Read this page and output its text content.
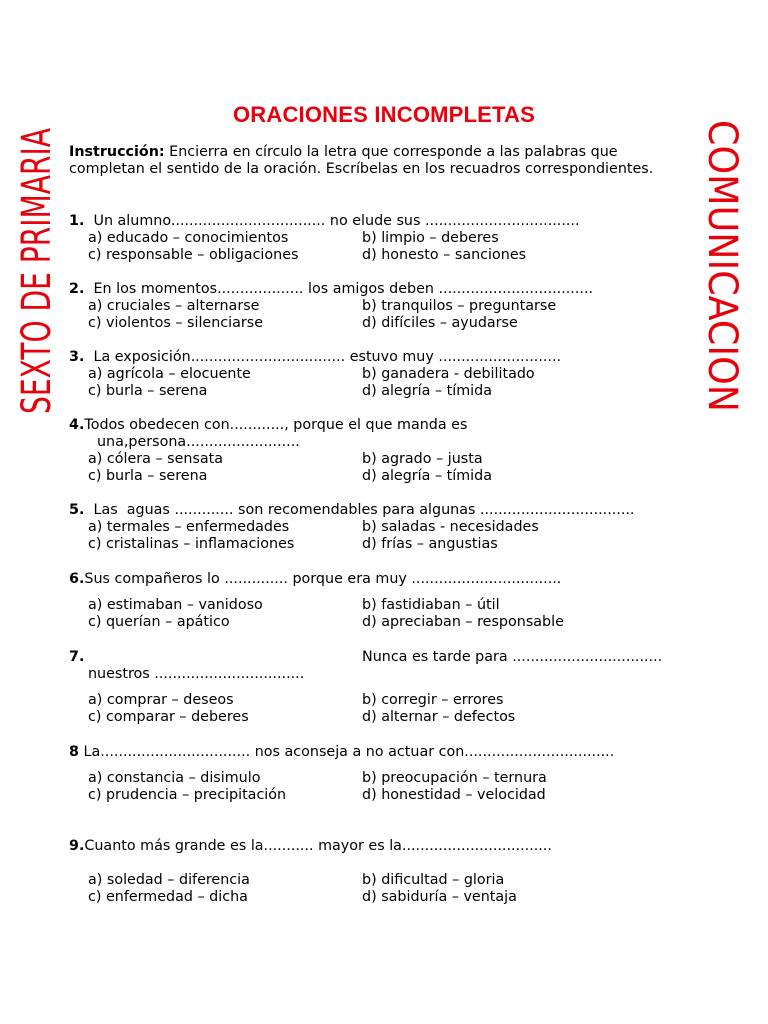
SEXTO DE PRIMARIA	COMUNICACION
ORACIONES INCOMPLETAS
Instrucción: Encierra en círculo la letra que corresponde a las palabras que completan el sentido de la oración. Escríbelas en los recuadros correspondientes.
1.  Un alumno.................................. no elude sus ..................................
a) educado – conocimientos	b) limpio – deberes
c) responsable – obligaciones	d) honesto – sanciones
2.  En los momentos................... los amigos deben ..................................
a) cruciales – alternarse	b) tranquilos – preguntarse
c) violentos – silenciarse	d) difíciles – ayudarse
3.  La exposición.................................. estuvo muy ...........................
a) agrícola – elocuente	b) ganadera - debilitado
c) burla – serena	d) alegría – tímida
4.Todos obedecen con............, porque el que manda es
una,persona.........................
a) cólera – sensata	b) agrado – justa
c) burla – serena	d) alegría – tímida
5.  Las  aguas ............. son recomendables para algunas ..................................
a) termales – enfermedades	b) saladas - necesidades
c) cristalinas – inflamaciones	d) frías – angustias
6.Sus compañeros lo .............. porque era muy .................................
a) estimaban – vanidoso	b) fastidiaban – útil
c) querían – apático	d) apreciaban – responsable
7.	Nunca es tarde para .................................
nuestros .................................
a) comprar – deseos	b) corregir – errores
c) comparar – deberes	d) alternar – defectos
8 La................................. nos aconseja a no actuar con.................................
a) constancia – disimulo	b) preocupación – ternura
c) prudencia – precipitación	d) honestidad – velocidad
9.Cuanto más grande es la........... mayor es la.................................
a) soledad – diferencia	b) dificultad – gloria
c) enfermedad – dicha	d) sabiduría – ventaja
